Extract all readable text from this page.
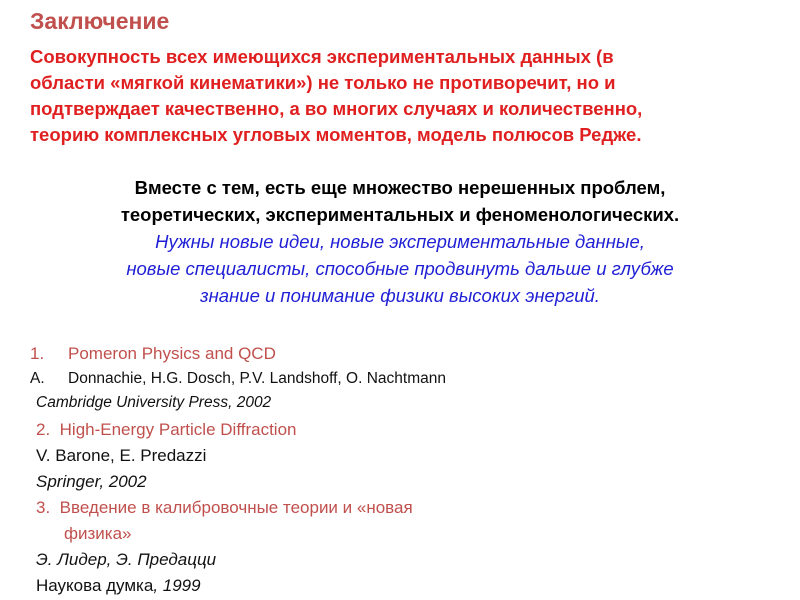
Заключение

Совокупность всех имеющихся экспериментальных данных (в
области «мягкой кинематики») не только не противоречит, но и
подтверждает качественно, а во многих случаях и количественно,
теорию комплексных угловых моментов, модель полюсов Редже.

Вместе с тем, есть еще множество нерешенных проблем,
теоретических, экспериментальных и феноменологических.
Нужны новые идеи, новые экспериментальные данные,
новые специалисты, способные продвинуть дальше и глубже
знание и понимание физики высоких энергий.
1. Pomeron Physics and QCD
A. Donnachie, H.G. Dosch, P.V. Landshoff, O. Nachtmann
Cambridge University Press, 2002
2. High-Energy Particle Diffraction
V. Barone, E. Predazzi
Springer, 2002
3. Введение в калибровочные теории и «новая
физика»
Э. Лидер, Э. Предацци
Наукова думка, 1999
